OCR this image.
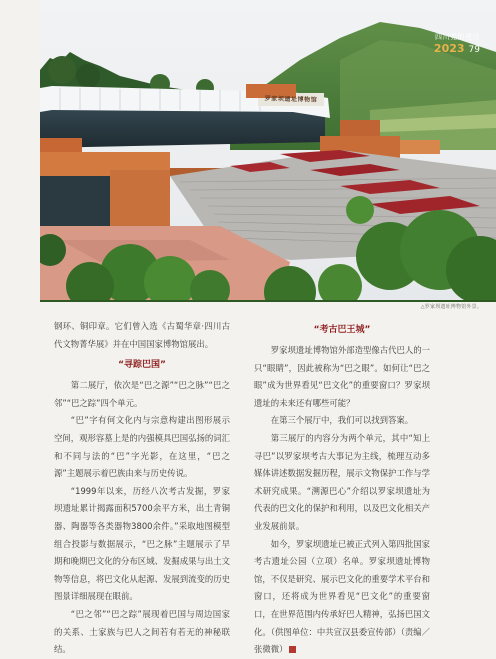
罗家坝遗址博物馆
四川党的建设
2023 79
△罗家坝遗址博物馆外景。

钢环、铜印章。它们曾入选《古蜀华章·四川古代文物菁华展》并在中国国家博物馆展出。

“寻踪巴国”

第二展厅，依次是“巴之源”“巴之脉”“巴之邻”“巴之踪”四个单元。

“巴”字有何文化内与宗意构建出图形展示空间，观形容墓上是的内强模具巴国弘扬的词汇和不同与法的“巴”字光影，在这里，“巴之源”主题展示着巴族由来与历史传说。

“1999年以来，历经八次考古发掘，罗家坝遗址累计揭露面积5700余平方米，出土青铜器、陶器等各类器物3800余件。”采取地图模型组合投影与数据展示，“巴之脉”主题展示了早期和晚期巴文化的分布区域、发掘成果与出土文物等信息，将巴文化从起源、发展到流变的历史图景详细展现在眼前。

“巴之邻”“巴之踪”展现着巴国与周边国家的关系、土家族与巴人之间若有若无的神秘联结。

“考古巴王城”

罗家坝遗址博物馆外部造型像古代巴人的一只“眼睛”，因此被称为“巴之眼”。如何让“巴之眼”成为世界看见“巴文化”的重要窗口？罗家坝遗址的未来还有哪些可能？

在第三个展厅中，我们可以找到答案。

第三展厅的内容分为两个单元，其中“知上寻巴”以罗家坝考古大事记为主线，梳理互动多媒体讲述数据发掘历程，展示文物保护工作与学术研究成果。“溯源巴心”介绍以罗家坝遗址为代表的巴文化的保护和利用，以及巴文化相关产业发展前景。

如今，罗家坝遗址已被正式列入第四批国家考古遗址公园（立项）名单。罗家坝遗址博物馆，不仅是研究、展示巴文化的重要学术平台和窗口，还将成为世界看见“巴文化”的重要窗口，在世界范围内传承好巴人精神，弘扬巴国文化。（供图单位：中共宣汉县委宣传部）（责编／张微微）
